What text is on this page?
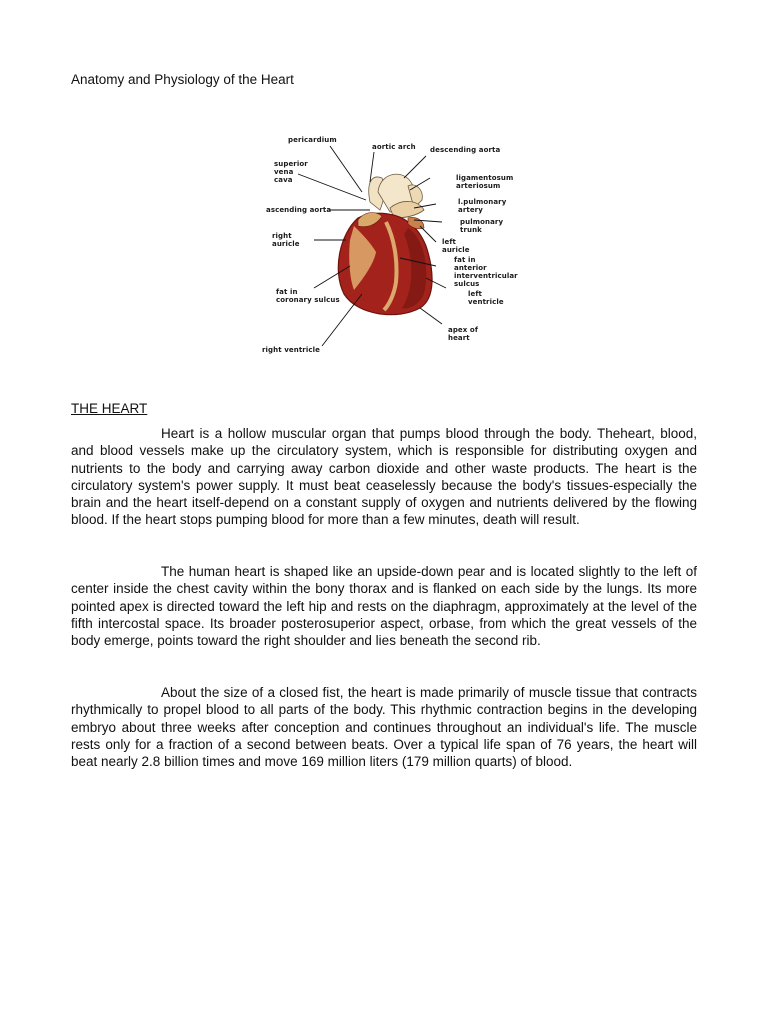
Anatomy and Physiology of the Heart
pericardium
aortic arch descending aorta
superior
vena
cava	ligamentosum
arteriosum
l.pulmonary
artery
ascending aorta
pulmonary
trunk
right
auricle	left
auricle
fat in
anterior
interventricular
sulcus
left
ventricle
fat in
coronary sulcus
apex of
heart
right ventricle
THE HEART

Heart is a hollow muscular organ that pumps blood through the body. Theheart, blood, and blood vessels make up the circulatory system, which is responsible for distributing oxygen and nutrients to the body and carrying away carbon dioxide and other waste products. The heart is the circulatory system's power supply. It must beat ceaselessly because the body's tissues-especially the brain and the heart itself-depend on a constant supply of oxygen and nutrients delivered by the flowing blood. If the heart stops pumping blood for more than a few minutes, death will result.

The human heart is shaped like an upside-down pear and is located slightly to the left of center inside the chest cavity within the bony thorax and is flanked on each side by the lungs. Its more pointed apex is directed toward the left hip and rests on the diaphragm, approximately at the level of the fifth intercostal space. Its broader posterosuperior aspect, orbase, from which the great vessels of the body emerge, points toward the right shoulder and lies beneath the second rib.

About the size of a closed fist, the heart is made primarily of muscle tissue that contracts rhythmically to propel blood to all parts of the body. This rhythmic contraction begins in the developing embryo about three weeks after conception and continues throughout an individual's life. The muscle rests only for a fraction of a second between beats. Over a typical life span of 76 years, the heart will beat nearly 2.8 billion times and move 169 million liters (179 million quarts) of blood.
